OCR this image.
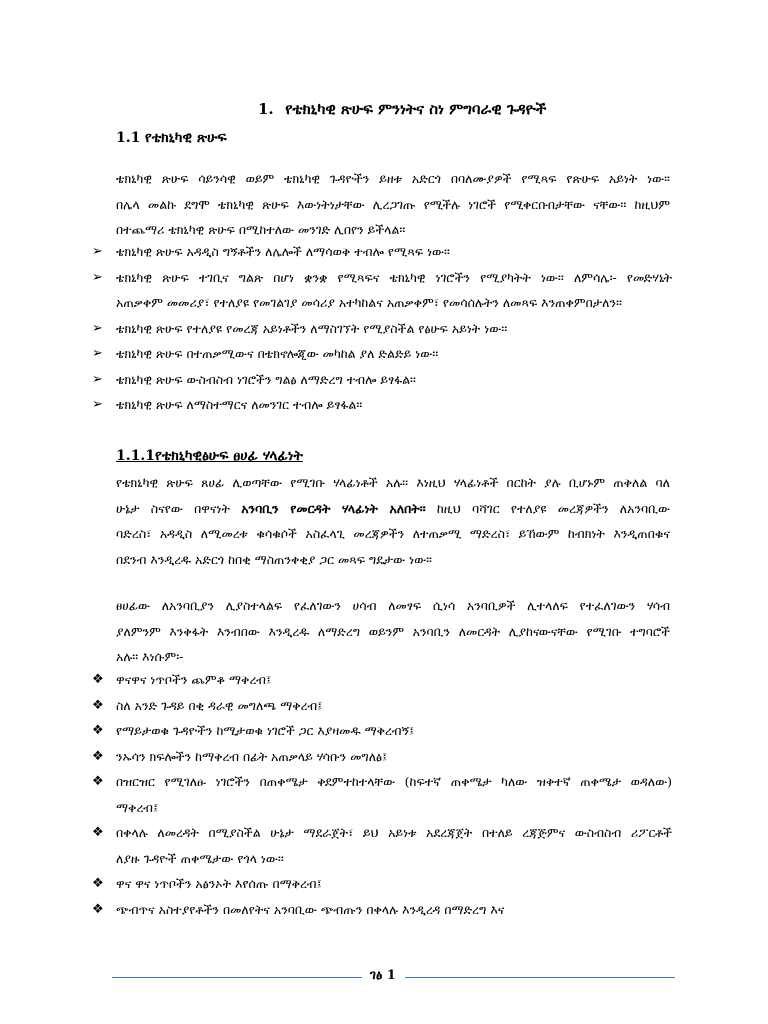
1. የቴክኒካዊ ጽሁፍ ምንነትና ስነ ምግባራዊ ጉዳዮች
1.1 የቴክኒካዊ ጽሁፍ
ቴክኒካዊ ጽሁፍ ሳይንሳዊ ወይም ቴክኒካዊ ጉዳዮችን ይዘቱ አድርጎ በባለሙያዎች የሚጻፍ የጽሁፍ አይነት ነው፡፡
በሌላ መልኩ ደግሞ ቴክኒካዊ ጽሁፍ እውነትነታቸው ሊረጋገጡ የሚችሉ ነገሮች የሚቀርቡበታቸው ናቸው፡፡ ከዚህም
በተጨማሪ ቴክኒካዊ ጽሁፍ በሚከተለው መንገድ ሊበየን ይችላል፡፡
➢	ቴክኒካዊ ጽሁፍ አዳዲስ ግኝቶችን ለሌሎች ለማሳወቅ ተብሎ የሚጻፍ ነው፡፡
➢	ቴክኒካዊ ጽሁፍ ተገቢና ግልጽ በሆነ ቋንቋ የሚጻፍና ቴክኒካዊ ነገሮችን የሚያካትት ነው፡፡ ለምሳሌ፡- የመድሃኒት
አጠቃቀም መመሪያ፣ የተለያዩ የመገልገያ መሳሪያ አተካከልና አጠቃቀም፣ የመሳሰሉትን ለመጻፍ እንጠቀምበታለን፡፡
➢	ቴክኒካዊ ጽሁፍ የተለያዩ የመረጃ አይነቶችን ለማስገኘት የሚያስችል የፅሁፍ አይነት ነው፡፡
➢	ቴክኒካዊ ጽሁፍ በተጠቃሚውና በቴክኖሎጂው መካከል ያለ ድልድይ ነው፡፡
➢	ቴክኒካዊ ጽሁፍ ውስብስብ ነገሮችን ግልፅ ለማድረግ ተብሎ ይፃፋል፡፡
➢	ቴክኒካዊ ጽሁፍ ለማስተማርና ለመንገር ተብሎ ይፃፋል፡፡
1.1.1የቴክኒካዊፅሁፍ ፀሀፊ ሃላፊነት
የቴክኒካዊ ጽሁፍ ጸሀፊ ሊወጣቸው የሚገቡ ሃላፊነቶች አሉ፡፡ እነዚህ ሃላፊነቶች በርከት ያሉ ቢሆኑም ጠቅለል ባለ
ሁኔታ ስናየው በዋናነት አንባቢን የመርዳት ሃላፊነት አለበት፡፡ ከዚህ ባሻገር የተለያዩ መረጃዎችን ለአንባቢው
ባድረስ፣ አዳዲስ ለሚመረቱ ቁሳቁሶች አስፈላጊ መረጃዎችን ለተጠቃሚ ማድረስ፣ ይኸውም ከብክነት እንዲጠበቁና
በደንብ እንዲረዱ አድርጎ ከበቂ ማስጠንቀቂያ ጋር መጻፍ ግዴታው ነው፡፡
ፀሀፊው ለአንባቢያን ሊያስተላልፍ የፈለገውን ሀሳብ ለመፃፍ ሲነሳ አንባቢዎች ሊተላለፍ የተፈለገውን ሃሳብ
ያለምንም እንቅፋት እንብበው እንዲረዱ ለማድረግ ወይንም አንባቢን ለመርዳት ሊያከናውናቸው የሚገቡ ተግባሮች
አሉ፡፡ እነሱም፡-
❖ ዋናዋና ነጥቦችን ጨምቆ ማቅረብ፤
❖ ስለ አንድ ጉዳይ በቂ ዳራዊ መግለጫ ማቅረብ፤
❖ የማይታወቁ ጉዳዮችን ከሚታወቁ ነገሮች ጋር እያዛመዱ ማቅረብኝ፤
❖ ንኡሳን ክፍሎችን ከማቅረብ በፊት አጠቃላይ ሃሳቡን መግለፅ፤
❖ በዝርዝር የሚገለፁ ነገሮችን በጠቀሜታ ቅደምተከተላቸው (ከፍተኛ ጠቀሜታ ካለው ዝቅተኛ ጠቀሜታ ወዳለው)
ማቅረብ፤
❖ በቀላሉ ለመረዳት በሚያስችል ሁኔታ ማደራጀት፣ ይህ አይነቱ አደረጃጀት በተለይ ረጃጅምና ውስብስብ ሪፖርቶች
ለያዙ ጉዳዮች ጠቀሜታው የጎላ ነው፡፡
❖ ዋና ዋና ነጥቦችን አፅንኦት እየሰጡ በማቅረብ፤
❖ ጭብጥና አስተያየቶችን በመለየትና አንባቢው ጭብጡን በቀላሉ እንዲረዳ በማድረግ እና
ገፅ 1
